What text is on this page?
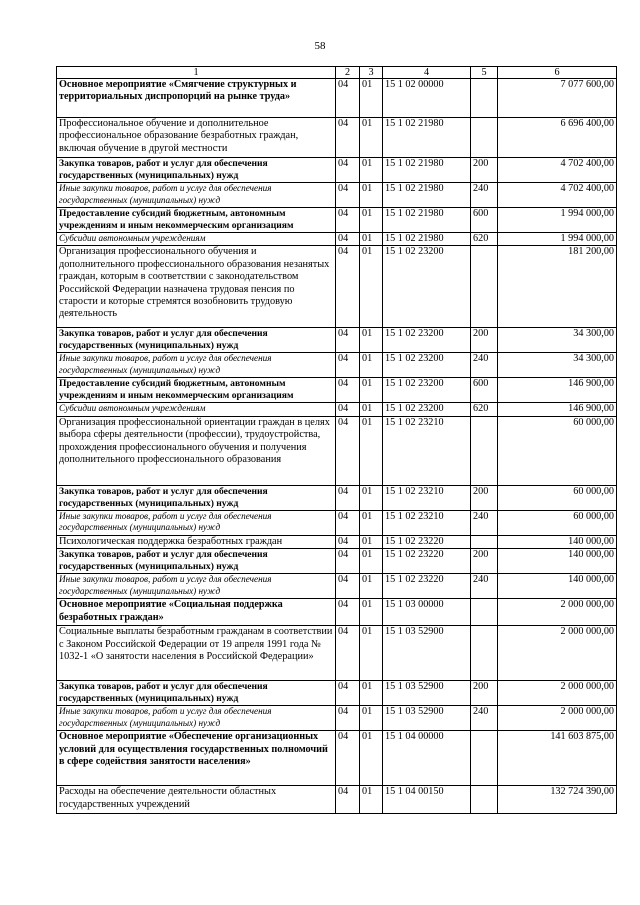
58
1	2	3	4	5	6
Основное мероприятие «Смягчение структурных и территориальных диспропорций на рынке труда»	04	01	15 1 02 00000		7 077 600,00
Профессиональное обучение и дополнительное профессиональное образование безработных граждан, включая обучение в другой местности	04	01	15 1 02 21980		6 696 400,00
Закупка товаров, работ и услуг для обеспечения государственных (муниципальных) нужд	04	01	15 1 02 21980	200	4 702 400,00
Иные закупки товаров, работ и услуг для обеспечения государственных (муниципальных) нужд	04	01	15 1 02 21980	240	4 702 400,00
Предоставление субсидий бюджетным, автономным учреждениям и иным некоммерческим организациям	04	01	15 1 02 21980	600	1 994 000,00
Субсидии автономным учреждениям	04	01	15 1 02 21980	620	1 994 000,00
Организация профессионального обучения и дополнительного профессионального образования незанятых граждан, которым в соответствии с законодательством Российской Федерации назначена трудовая пенсия по старости и которые стремятся возобновить трудовую деятельность	04	01	15 1 02 23200		181 200,00
Закупка товаров, работ и услуг для обеспечения государственных (муниципальных) нужд	04	01	15 1 02 23200	200	34 300,00
Иные закупки товаров, работ и услуг для обеспечения государственных (муниципальных) нужд	04	01	15 1 02 23200	240	34 300,00
Предоставление субсидий бюджетным, автономным учреждениям и иным некоммерческим организациям	04	01	15 1 02 23200	600	146 900,00
Субсидии автономным учреждениям	04	01	15 1 02 23200	620	146 900,00
Организация профессиональной ориентации граждан в целях выбора сферы деятельности (профессии), трудоустройства, прохождения профессионального обучения и получения дополнительного профессионального образования	04	01	15 1 02 23210		60 000,00
Закупка товаров, работ и услуг для обеспечения государственных (муниципальных) нужд	04	01	15 1 02 23210	200	60 000,00
Иные закупки товаров, работ и услуг для обеспечения государственных (муниципальных) нужд	04	01	15 1 02 23210	240	60 000,00
Психологическая поддержка безработных граждан	04	01	15 1 02 23220		140 000,00
Закупка товаров, работ и услуг для обеспечения государственных (муниципальных) нужд	04	01	15 1 02 23220	200	140 000,00
Иные закупки товаров, работ и услуг для обеспечения государственных (муниципальных) нужд	04	01	15 1 02 23220	240	140 000,00
Основное мероприятие «Социальная поддержка безработных граждан»	04	01	15 1 03 00000		2 000 000,00
Социальные выплаты безработным гражданам в соответствии с Законом Российской Федерации от 19 апреля 1991 года № 1032-1 «О занятости населения в Российской Федерации»	04	01	15 1 03 52900		2 000 000,00
Закупка товаров, работ и услуг для обеспечения государственных (муниципальных) нужд	04	01	15 1 03 52900	200	2 000 000,00
Иные закупки товаров, работ и услуг для обеспечения государственных (муниципальных) нужд	04	01	15 1 03 52900	240	2 000 000,00
Основное мероприятие «Обеспечение организационных условий для осуществления государственных полномочий в сфере содействия занятости населения»	04	01	15 1 04 00000		141 603 875,00
Расходы на обеспечение деятельности областных государственных учреждений	04	01	15 1 04 00150		132 724 390,00
